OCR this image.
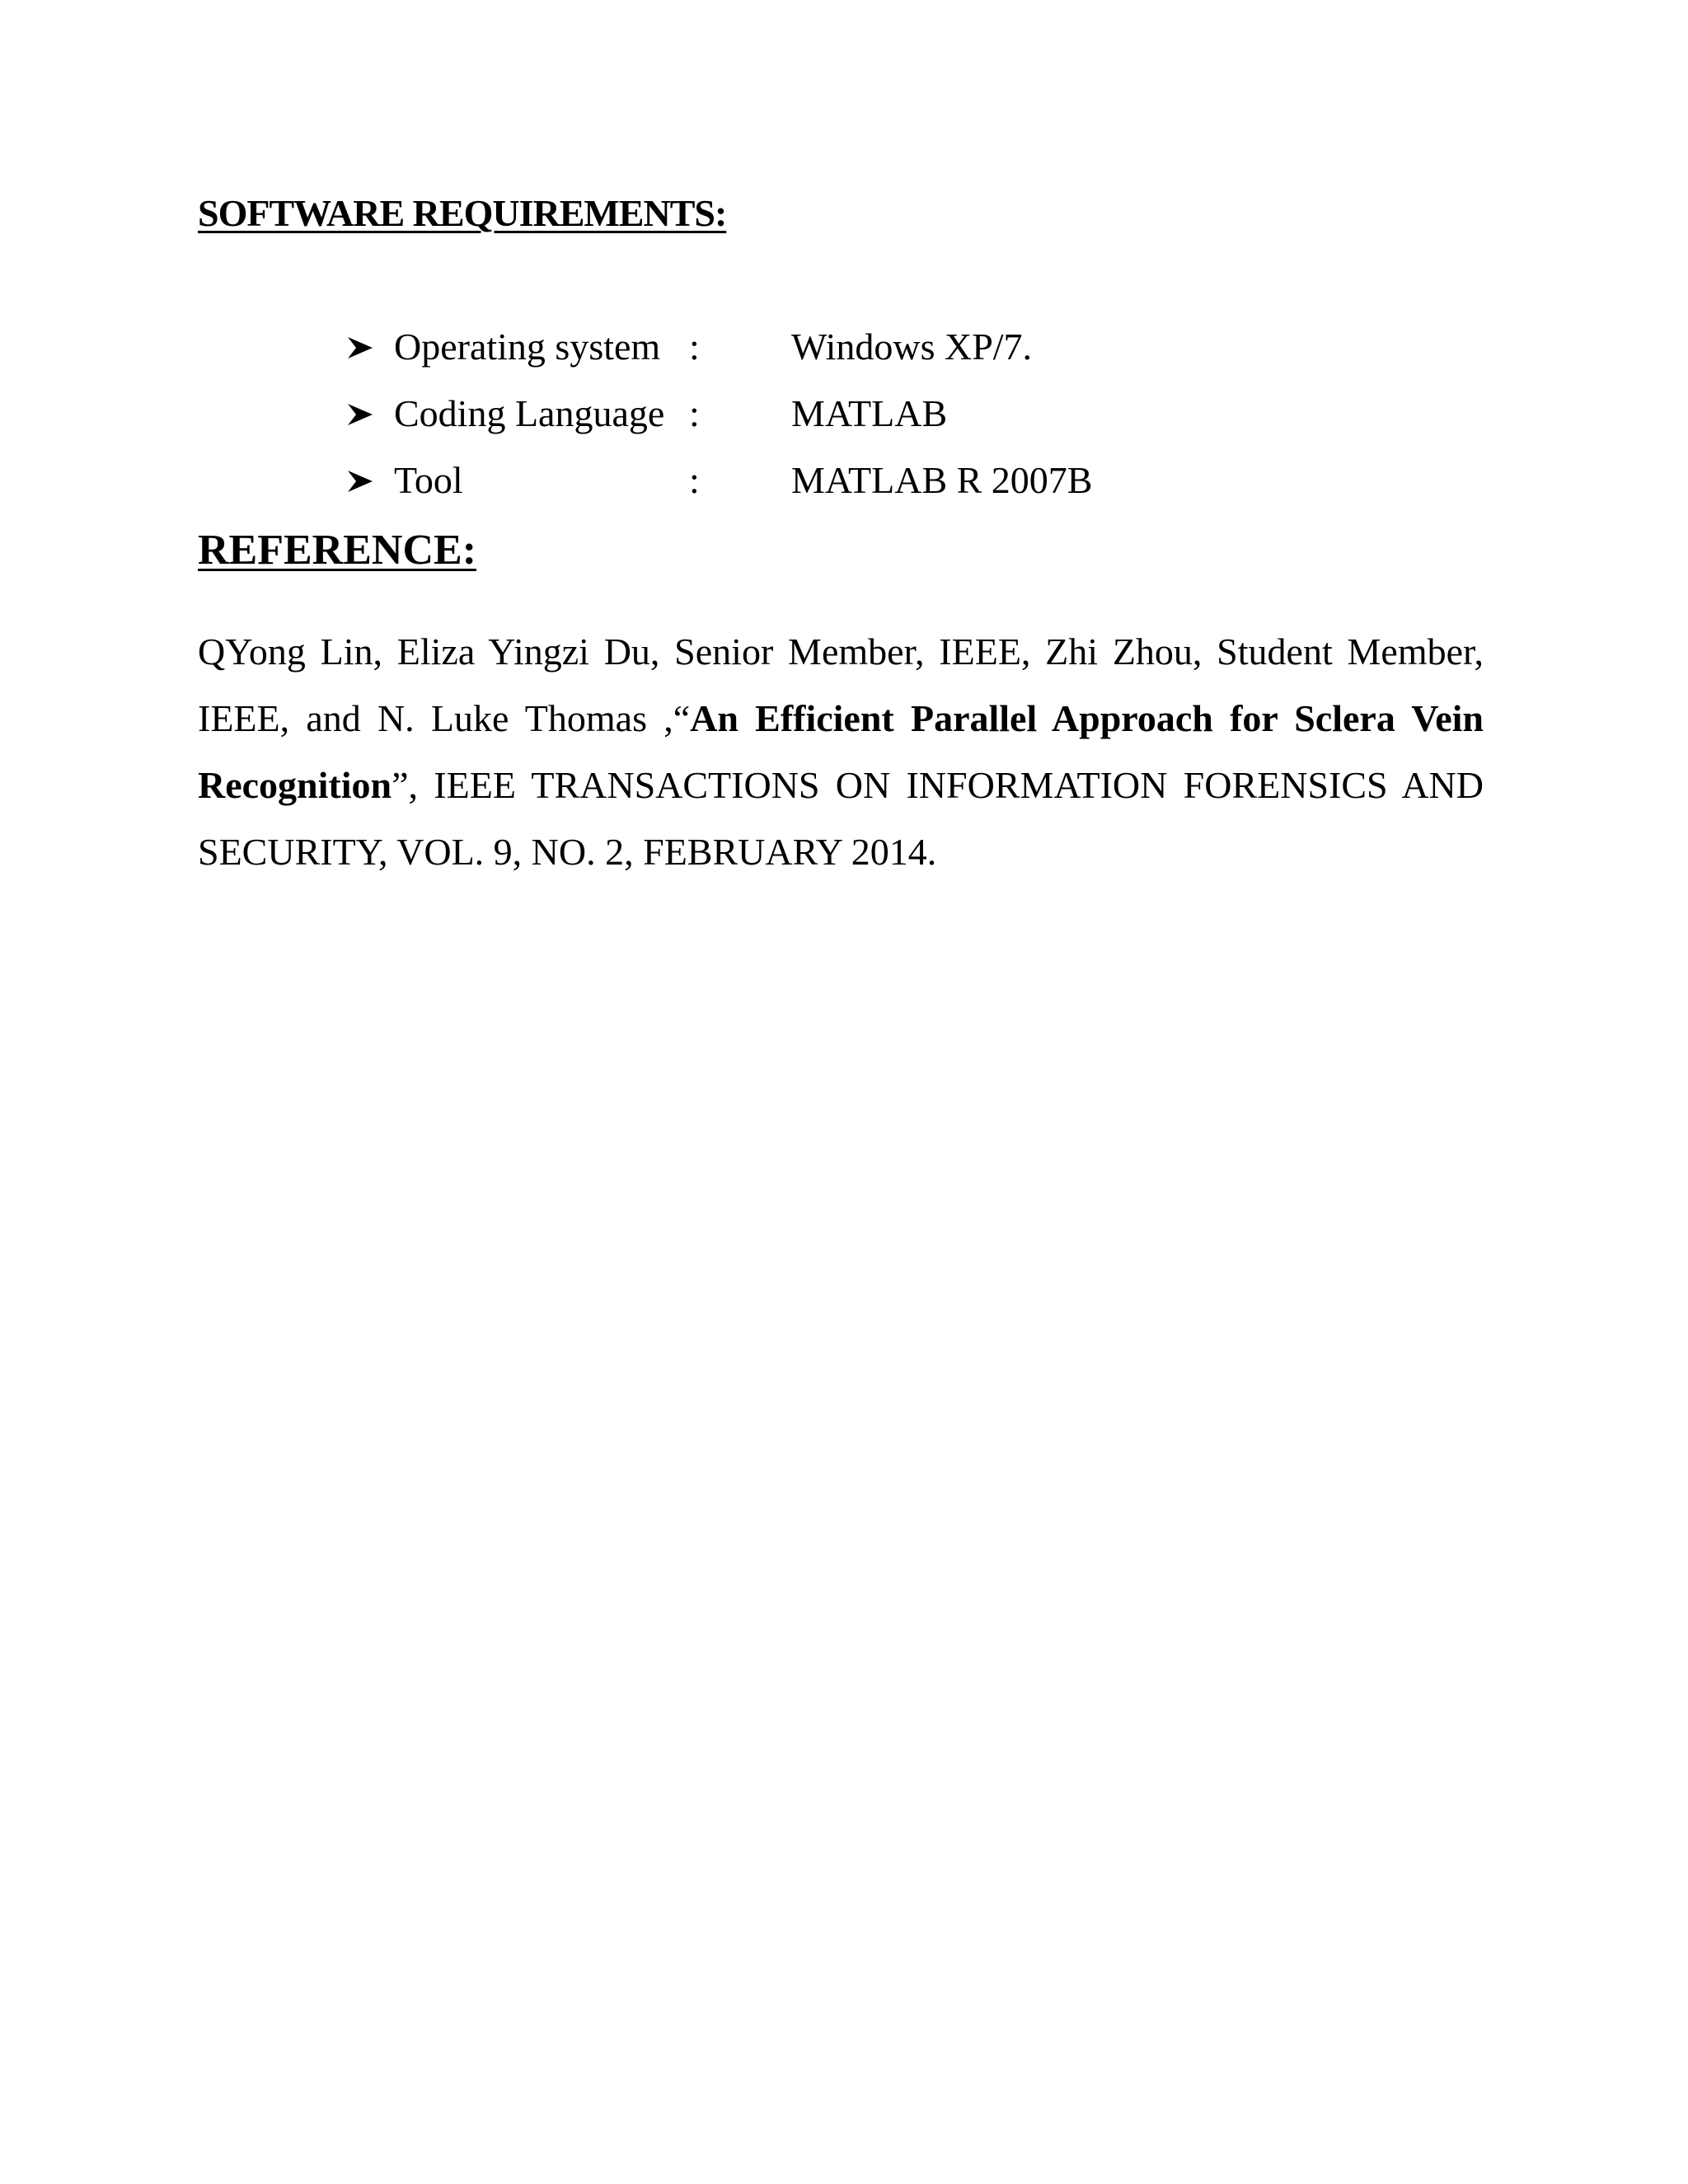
SOFTWARE REQUIREMENTS:
Operating system : Windows XP/7.
Coding Language : MATLAB
Tool	: MATLAB R 2007B
REFERENCE:

QYong Lin, Eliza Yingzi Du, Senior Member, IEEE, Zhi Zhou, Student Member, IEEE, and N. Luke Thomas ,“An Efficient Parallel Approach for Sclera Vein Recognition”, IEEE TRANSACTIONS ON INFORMATION FORENSICS AND SECURITY, VOL. 9, NO. 2, FEBRUARY 2014.
